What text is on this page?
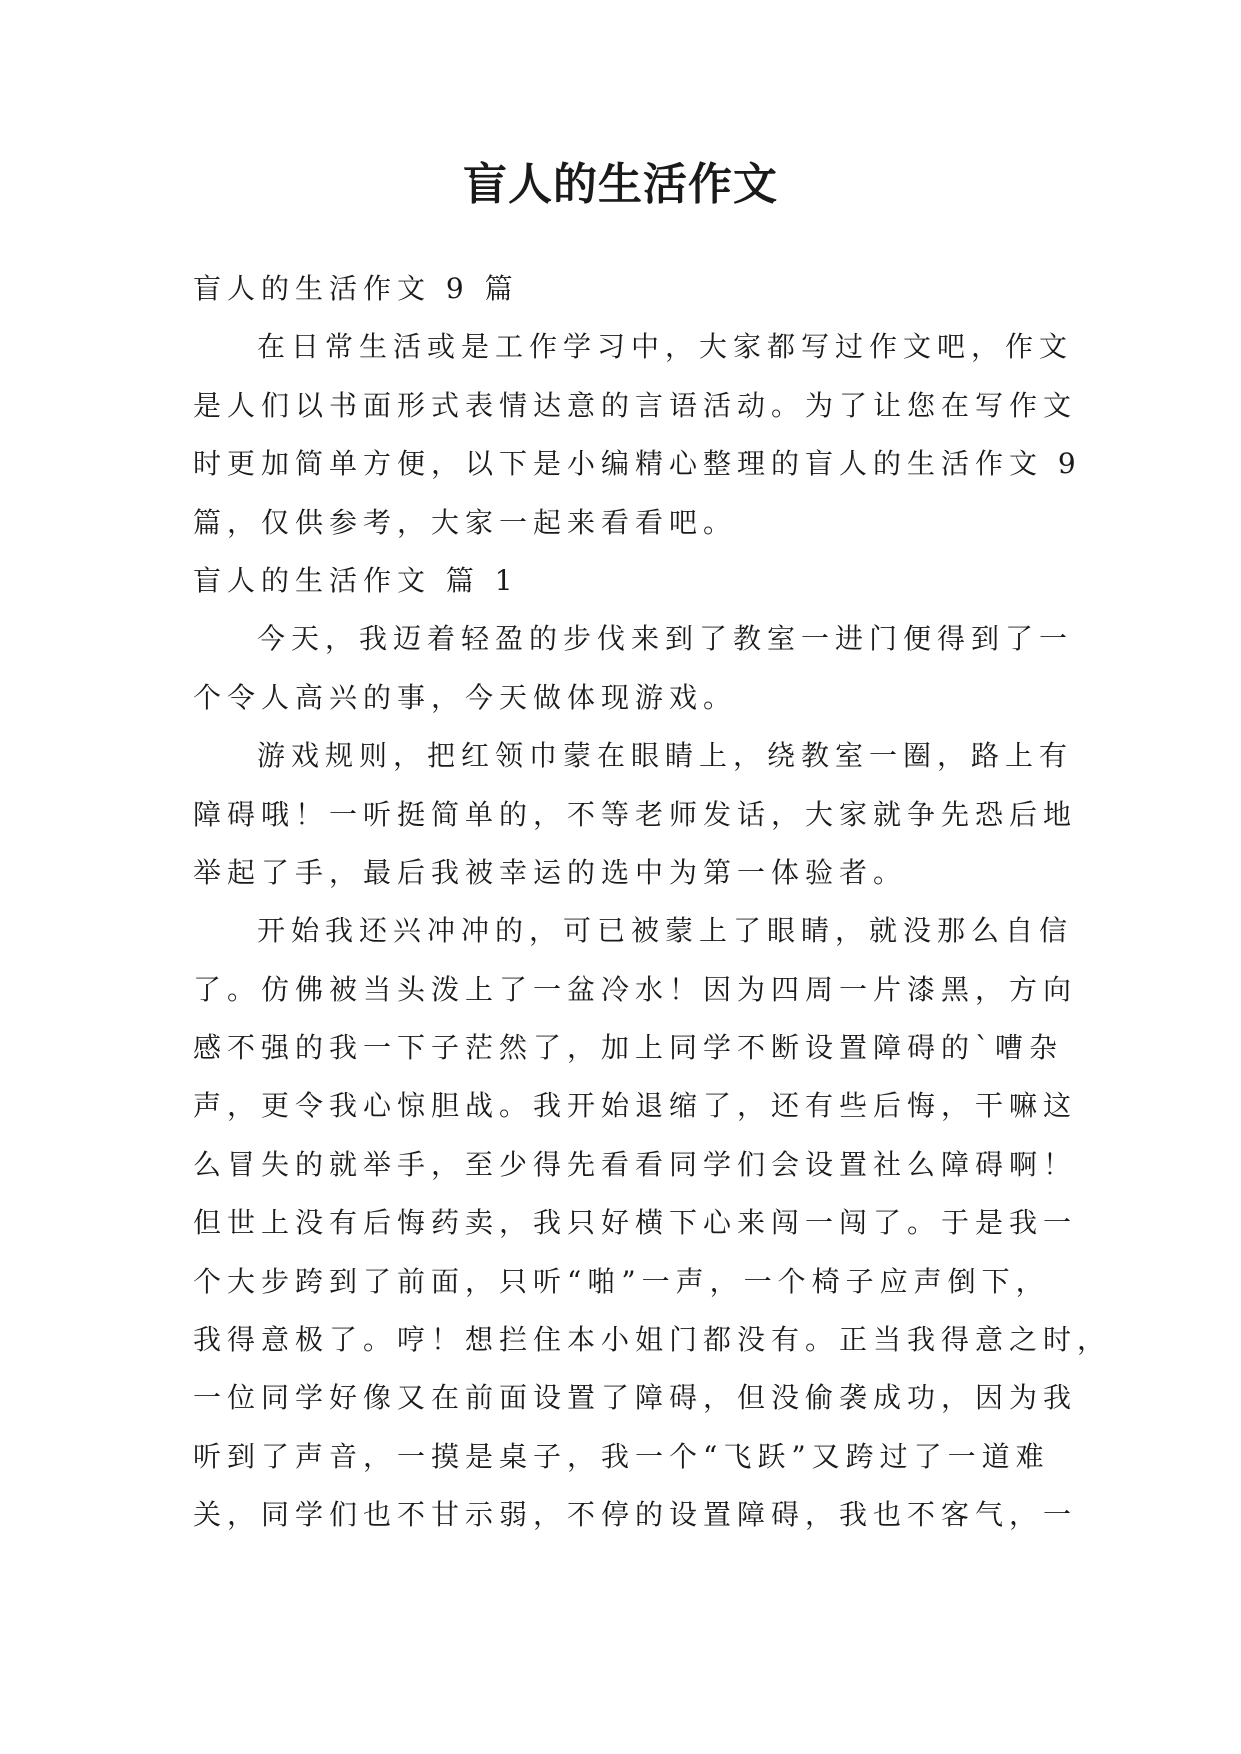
盲人的生活作文
盲人的生活作文 9 篇
在日常生活或是工作学习中，大家都写过作文吧，作文
是人们以书面形式表情达意的言语活动。为了让您在写作文
时更加简单方便，以下是小编精心整理的盲人的生活作文 9
篇，仅供参考，大家一起来看看吧。
盲人的生活作文 篇 1
今天，我迈着轻盈的步伐来到了教室一进门便得到了一
个令人高兴的事，今天做体现游戏。
游戏规则，把红领巾蒙在眼睛上，绕教室一圈，路上有
障碍哦！一听挺简单的，不等老师发话，大家就争先恐后地
举起了手，最后我被幸运的选中为第一体验者。
开始我还兴冲冲的，可已被蒙上了眼睛，就没那么自信
了。仿佛被当头泼上了一盆冷水！因为四周一片漆黑，方向
感不强的我一下子茫然了，加上同学不断设置障碍的`嘈杂
声，更令我心惊胆战。我开始退缩了，还有些后悔，干嘛这
么冒失的就举手，至少得先看看同学们会设置社么障碍啊！
但世上没有后悔药卖，我只好横下心来闯一闯了。于是我一
个大步跨到了前面，只听“啪”一声，一个椅子应声倒下，
我得意极了。哼！想拦住本小姐门都没有。正当我得意之时，
一位同学好像又在前面设置了障碍，但没偷袭成功，因为我
听到了声音，一摸是桌子，我一个“飞跃”又跨过了一道难
关，同学们也不甘示弱，不停的设置障碍，我也不客气，一
